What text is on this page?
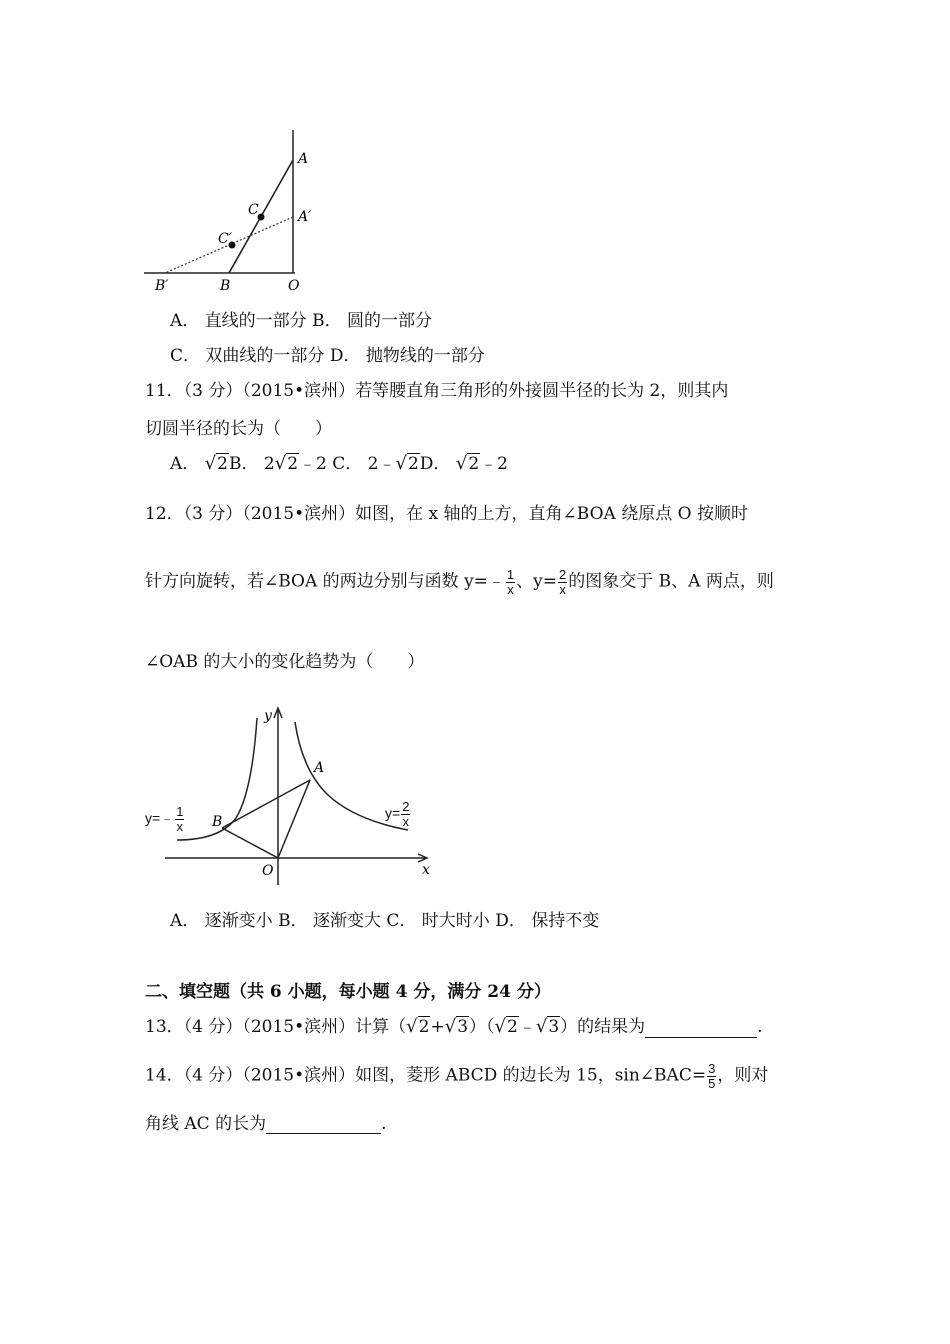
A
A′
C
C′
B′	B	O
A． 直线的一部分 B． 圆的一部分
C． 双曲线的一部分 D． 抛物线的一部分
11．（3 分）（2015•滨州）若等腰直角三角形的外接圆半径的长为 2，则其内
切圆半径的长为（　　）
A． √2B． 2√2﹣2 C． 2﹣√2D． √2﹣2
12．（3 分）（2015•滨州）如图，在 x 轴的上方，直角∠BOA 绕原点 O 按顺时
针方向旋转，若∠BOA 的两边分别与函数 y=﹣ $\frac{1}{x}$ 、$y= \frac{2}{x}$ 的图象交于 B、A 两点，则
∠OAB 的大小的变化趋势为（　　）
y
x
O
A
B
y=﹣ $\frac{1}{x}$	$y= \frac{2}{x}$
A． 逐渐变小 B． 逐渐变大 C． 时大时小 D． 保持不变
二、填空题（共 6 小题，每小题 4 分，满分 24 分）
13．（4 分）（2015•滨州）计算（√2+√3）（√2﹣√3）的结果为	.
14．（4 分）（2015•滨州）如图，菱形 ABCD 的边长为 15，sin∠BAC= $\frac{3}{5}$ ，则对
角线 AC 的长为	.
